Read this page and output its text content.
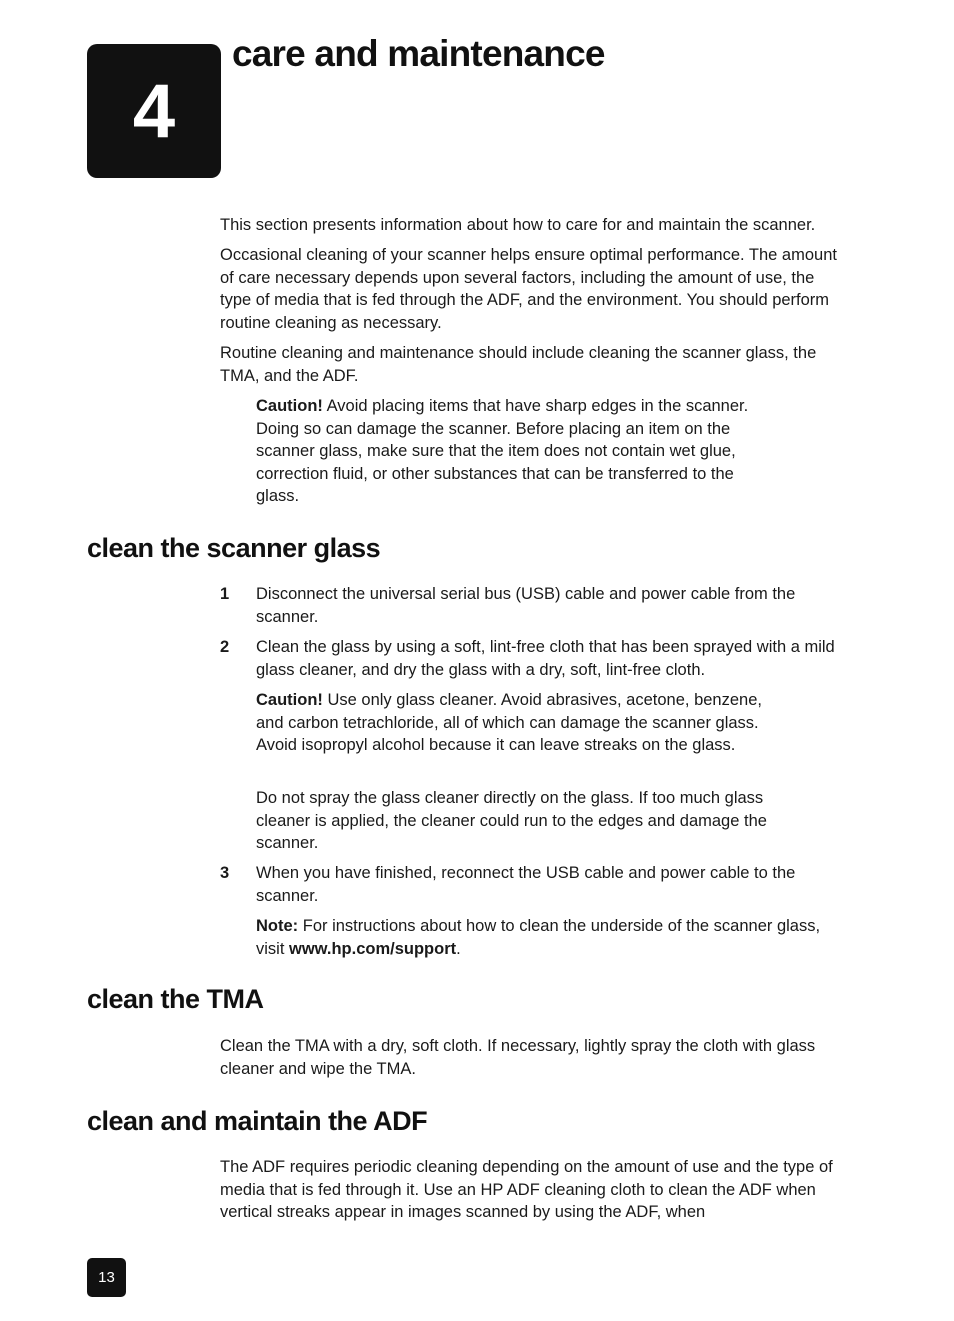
4
care and maintenance

This section presents information about how to care for and maintain the scanner.

Occasional cleaning of your scanner helps ensure optimal performance. The amount of care necessary depends upon several factors, including the amount of use, the type of media that is fed through the ADF, and the environment. You should perform routine cleaning as necessary.

Routine cleaning and maintenance should include cleaning the scanner glass, the TMA, and the ADF.

Caution! Avoid placing items that have sharp edges in the scanner. Doing so can damage the scanner. Before placing an item on the scanner glass, make sure that the item does not contain wet glue, correction fluid, or other substances that can be transferred to the glass.

clean the scanner glass
1 Disconnect the universal serial bus (USB) cable and power cable from the scanner.

2 Clean the glass by using a soft, lint-free cloth that has been sprayed with a mild glass cleaner, and dry the glass with a dry, soft, lint-free cloth.

Caution! Use only glass cleaner. Avoid abrasives, acetone, benzene, and carbon tetrachloride, all of which can damage the scanner glass. Avoid isopropyl alcohol because it can leave streaks on the glass.

Do not spray the glass cleaner directly on the glass. If too much glass cleaner is applied, the cleaner could run to the edges and damage the scanner.

3 When you have finished, reconnect the USB cable and power cable to the scanner.

Note: For instructions about how to clean the underside of the scanner glass, visit www.hp.com/support.

clean the TMA

Clean the TMA with a dry, soft cloth. If necessary, lightly spray the cloth with glass cleaner and wipe the TMA.

clean and maintain the ADF

The ADF requires periodic cleaning depending on the amount of use and the type of media that is fed through it. Use an HP ADF cleaning cloth to clean the ADF when vertical streaks appear in images scanned by using the ADF, when

13
